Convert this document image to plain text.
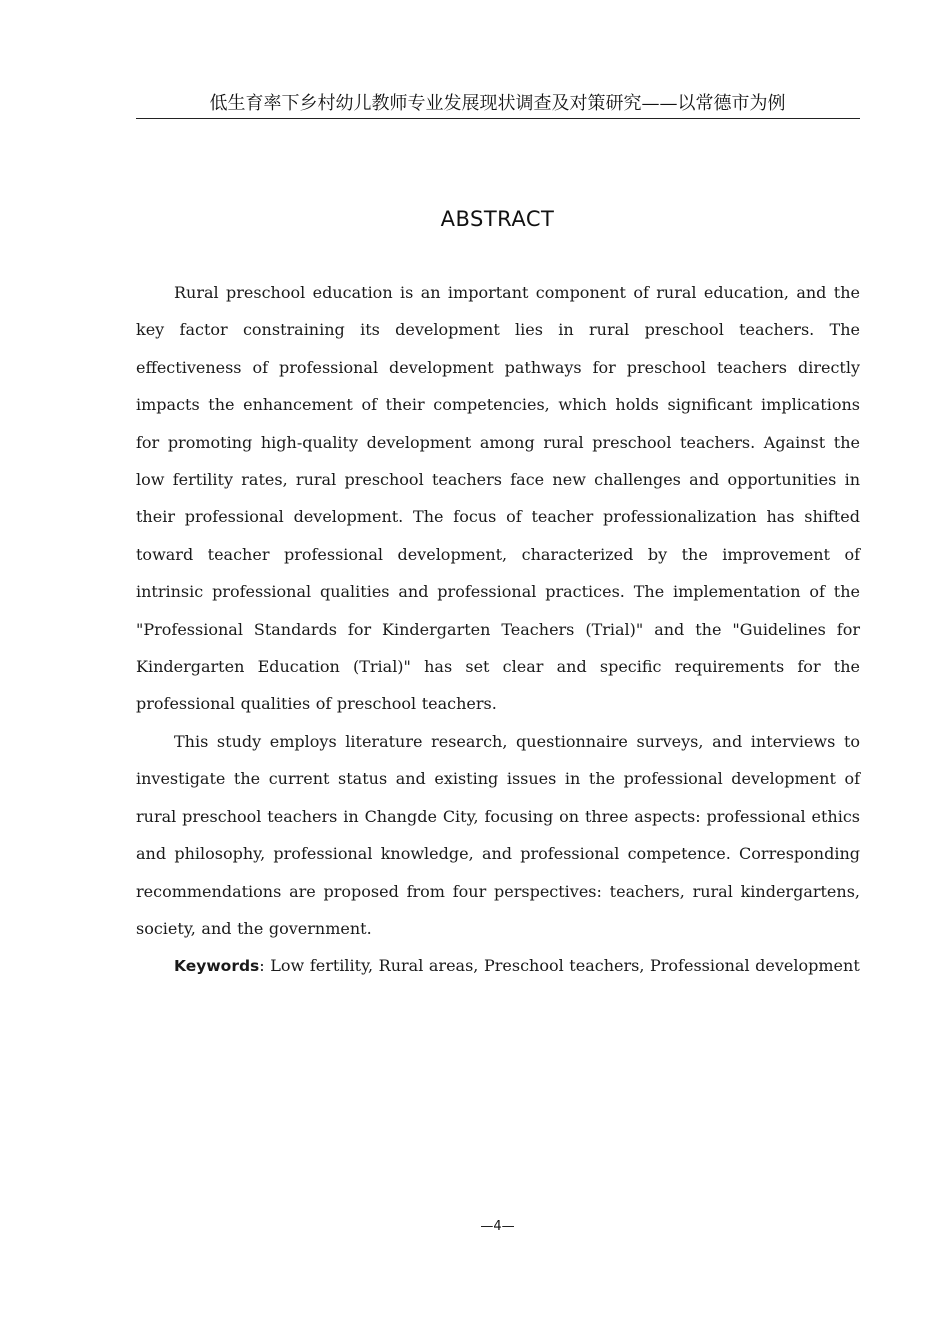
低生育率下乡村幼儿教师专业发展现状调查及对策研究——以常德市为例
ABSTRACT

Rural preschool education is an important component of rural education, and the key factor constraining its development lies in rural preschool teachers. The effectiveness of professional development pathways for preschool teachers directly impacts the enhancement of their competencies, which holds significant implications for promoting high-quality development among rural preschool teachers. Against the low fertility rates, rural preschool teachers face new challenges and opportunities in their professional development. The focus of teacher professionalization has shifted toward teacher professional development, characterized by the improvement of intrinsic professional qualities and professional practices. The implementation of the "Professional Standards for Kindergarten Teachers (Trial)" and the "Guidelines for Kindergarten Education (Trial)" has set clear and specific requirements for the professional qualities of preschool teachers.

This study employs literature research, questionnaire surveys, and interviews to investigate the current status and existing issues in the professional development of rural preschool teachers in Changde City, focusing on three aspects: professional ethics and philosophy, professional knowledge, and professional competence. Corresponding recommendations are proposed from four perspectives: teachers, rural kindergartens, society, and the government.

Keywords: Low fertility, Rural areas, Preschool teachers, Professional development

—4—
